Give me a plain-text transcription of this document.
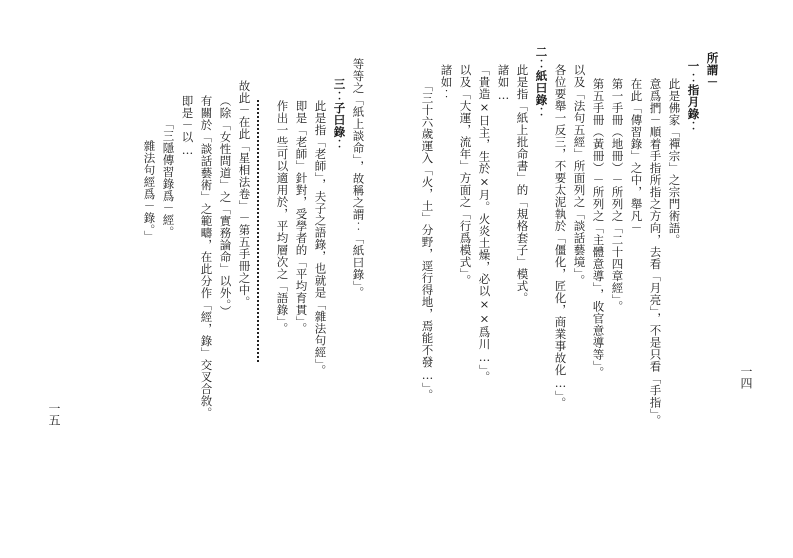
一四
所謂－
一︰指月錄︰
此是佛家「禪宗」之宗門術語。
意爲捫－順着手指所指之方向，去看「月亮」，不是只看「手指」。
在此「傳習錄」之中，舉凡－
第一手冊（地冊）－所列之「二十四章經」。
第五手冊（黃冊）－所列之「主體意導」，收官意導等」。
以及「法句五經」所面列之「談話藝境」。
各位要舉一反三，不要太泥執於「僵化，匠化，商業事故化…」。
二︰紙曰錄︰
此是指「紙上批命書」的「規格套子」模式。
諸如…
「貴造×日主，生於×月。火炎土燥，必以××爲川…」。
以及「大運，流年」方面之「行爲模式」。
諸如︰
「三十六歲運入「火，土」分野，逕行得地，焉能不發…」。
等等之「紙上談命」，故稱之謂︰「紙曰錄」。
三︰子曰錄︰
此是指「老師」，夫子之語錄，也就是「雜法句經」。
即是「老師」針對，受學者的「平均育貫」。
作出一些可以適用於，平均層次之「語錄」。
故此－在此「星相法卷」－第五手冊之中。
（除「女性問道」之「實務論命」以外。）
有關於「談話藝術」之範疇，在此分作「經，錄」交叉合敘。
即是－以…
「三隱傳習錄爲－經。
雜法句經爲－錄。」
一五
